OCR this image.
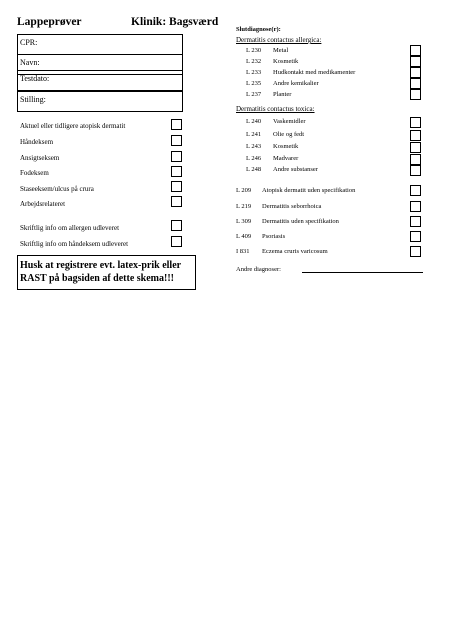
Lappeprøver	Klinik: Bagsværd
CPR:
Navn:
Testdato:
Stilling:
Aktuel eller tidligere atopisk dermatit
Håndeksem
Ansigtseksem
Fodeksem
Staseeksem/ulcus på crura
Arbejdsrelateret
Skriftlig info om allergen udleveret
Skriftlig info om håndeksem udleveret
Husk at registrere evt. latex-prik eller RAST på bagsiden af dette skema!!!
Slutdiagnose(r):
Dermatitis contactus allergica:
L 230 Metal
L 232 Kosmetik
L 233 Hudkontakt med medikamenter
L 235 Andre kemikalier
L 237 Planter
Dermatitis contactus toxica:
L 240 Vaskemidler
L 241 Olie og fedt
L 243 Kosmetik
L 246 Madvarer
L 248 Andre substanser
L 209 Atopisk dermatit uden specifikation
L 219 Dermatitis seborrhoica
L 309 Dermatitis uden specifikation
L 409 Psoriasis
I 831 Eczema cruris varicosum
Andre diagnoser:
